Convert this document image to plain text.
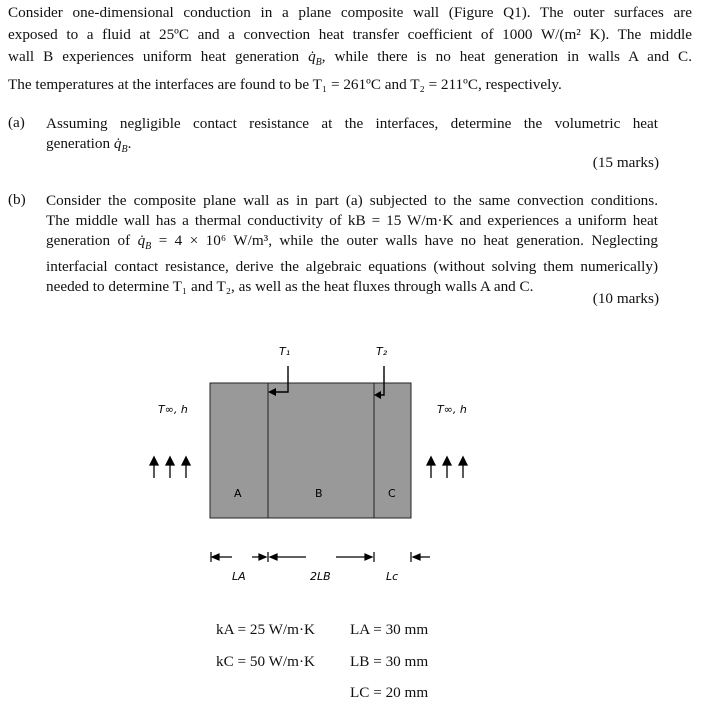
Consider one-dimensional conduction in a plane composite wall (Figure Q1). The outer surfaces are
exposed to a fluid at 25ºC and a convection heat transfer coefficient of 1000 W/(m² K). The middle
wall B experiences uniform heat generation $q̇_B$, while there is no heat generation in walls A and C.
The temperatures at the interfaces are found to be T₁ = 261ºC and T₂ = 211ºC, respectively.
(a) Assuming negligible contact resistance at the interfaces, determine the volumetric heat
generation $q̇_B$.
(15 marks)
(b) Consider the composite plane wall as in part (a) subjected to the same convection conditions.
The middle wall has a thermal conductivity of kB = 15 W/m·K and experiences a uniform heat
generation of $q̇_B = 4 \times 10^6$ W/m³, while the outer walls have no heat generation. Neglecting
interfacial contact resistance, derive the algebraic equations (without solving them numerically)
needed to determine T₁ and T₂, as well as the heat fluxes through walls A and C.
(10 marks)
T₁	T₂
T∞, h	T∞, h
A	B	C
LA	2LB	Lc
kA = 25 W/m·K
kC = 50 W/m·K
LA = 30 mm
LB = 30 mm
LC = 20 mm
